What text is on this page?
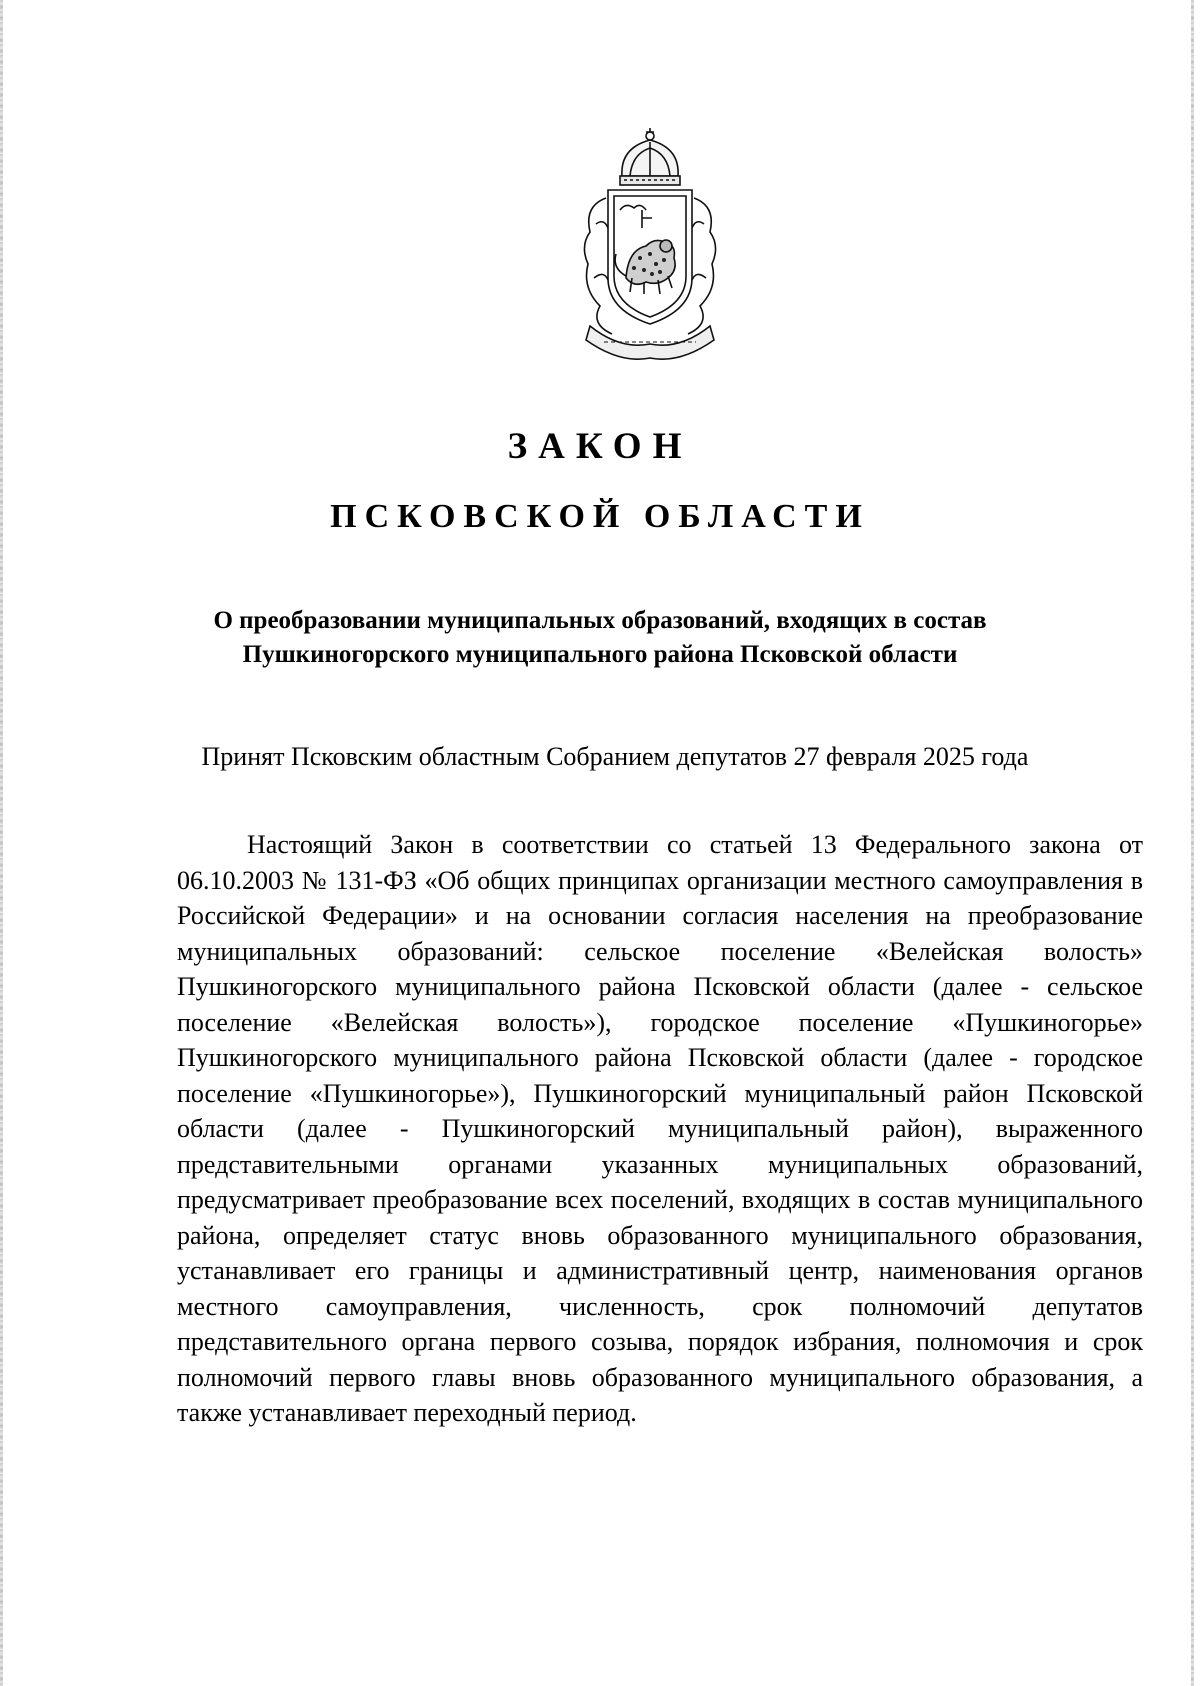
ЗАКОН
ПСКОВСКОЙ ОБЛАСТИ

О преобразовании муниципальных образований, входящих в состав Пушкиногорского муниципального района Псковской области

Принят Псковским областным Собранием депутатов 27 февраля 2025 года

Настоящий Закон в соответствии со статьей 13 Федерального закона от 06.10.2003 № 131-ФЗ «Об общих принципах организации местного самоуправления в Российской Федерации» и на основании согласия населения на преобразование муниципальных образований: сельское поселение «Велейская волость» Пушкиногорского муниципального района Псковской области (далее - сельское поселение «Велейская волость»), городское поселение «Пушкиногорье» Пушкиногорского муниципального района Псковской области (далее - городское поселение «Пушкиногорье»), Пушкиногорский муниципальный район Псковской области (далее - Пушкиногорский муниципальный район), выраженного представительными органами указанных муниципальных образований, предусматривает преобразование всех поселений, входящих в состав муниципального района, определяет статус вновь образованного муниципального образования, устанавливает его границы и административный центр, наименования органов местного самоуправления, численность, срок полномочий депутатов представительного органа первого созыва, порядок избрания, полномочия и срок полномочий первого главы вновь образованного муниципального образования, а также устанавливает переходный период.
